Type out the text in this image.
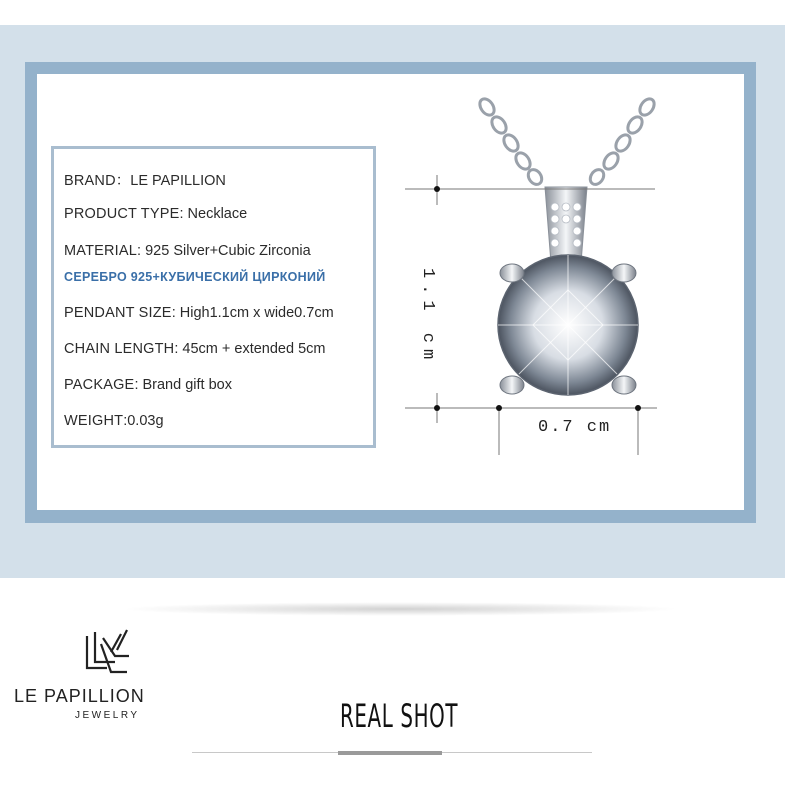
BRAND：LE PAPILLION
PRODUCT TYPE: Necklace
MATERIAL: 925 Silver+Cubic Zirconia
СЕРЕБРО 925+КУБИЧЕСКИЙ ЦИРКОНИЙ
PENDANT SIZE: High1.1cm x wide0.7cm
CHAIN LENGTH: 45cm + extended 5cm
PACKAGE: Brand gift box
WEIGHT:0.03g
1.1 cm
0.7 cm
LE PAPILLION
JEWELRY	REAL SHOT
